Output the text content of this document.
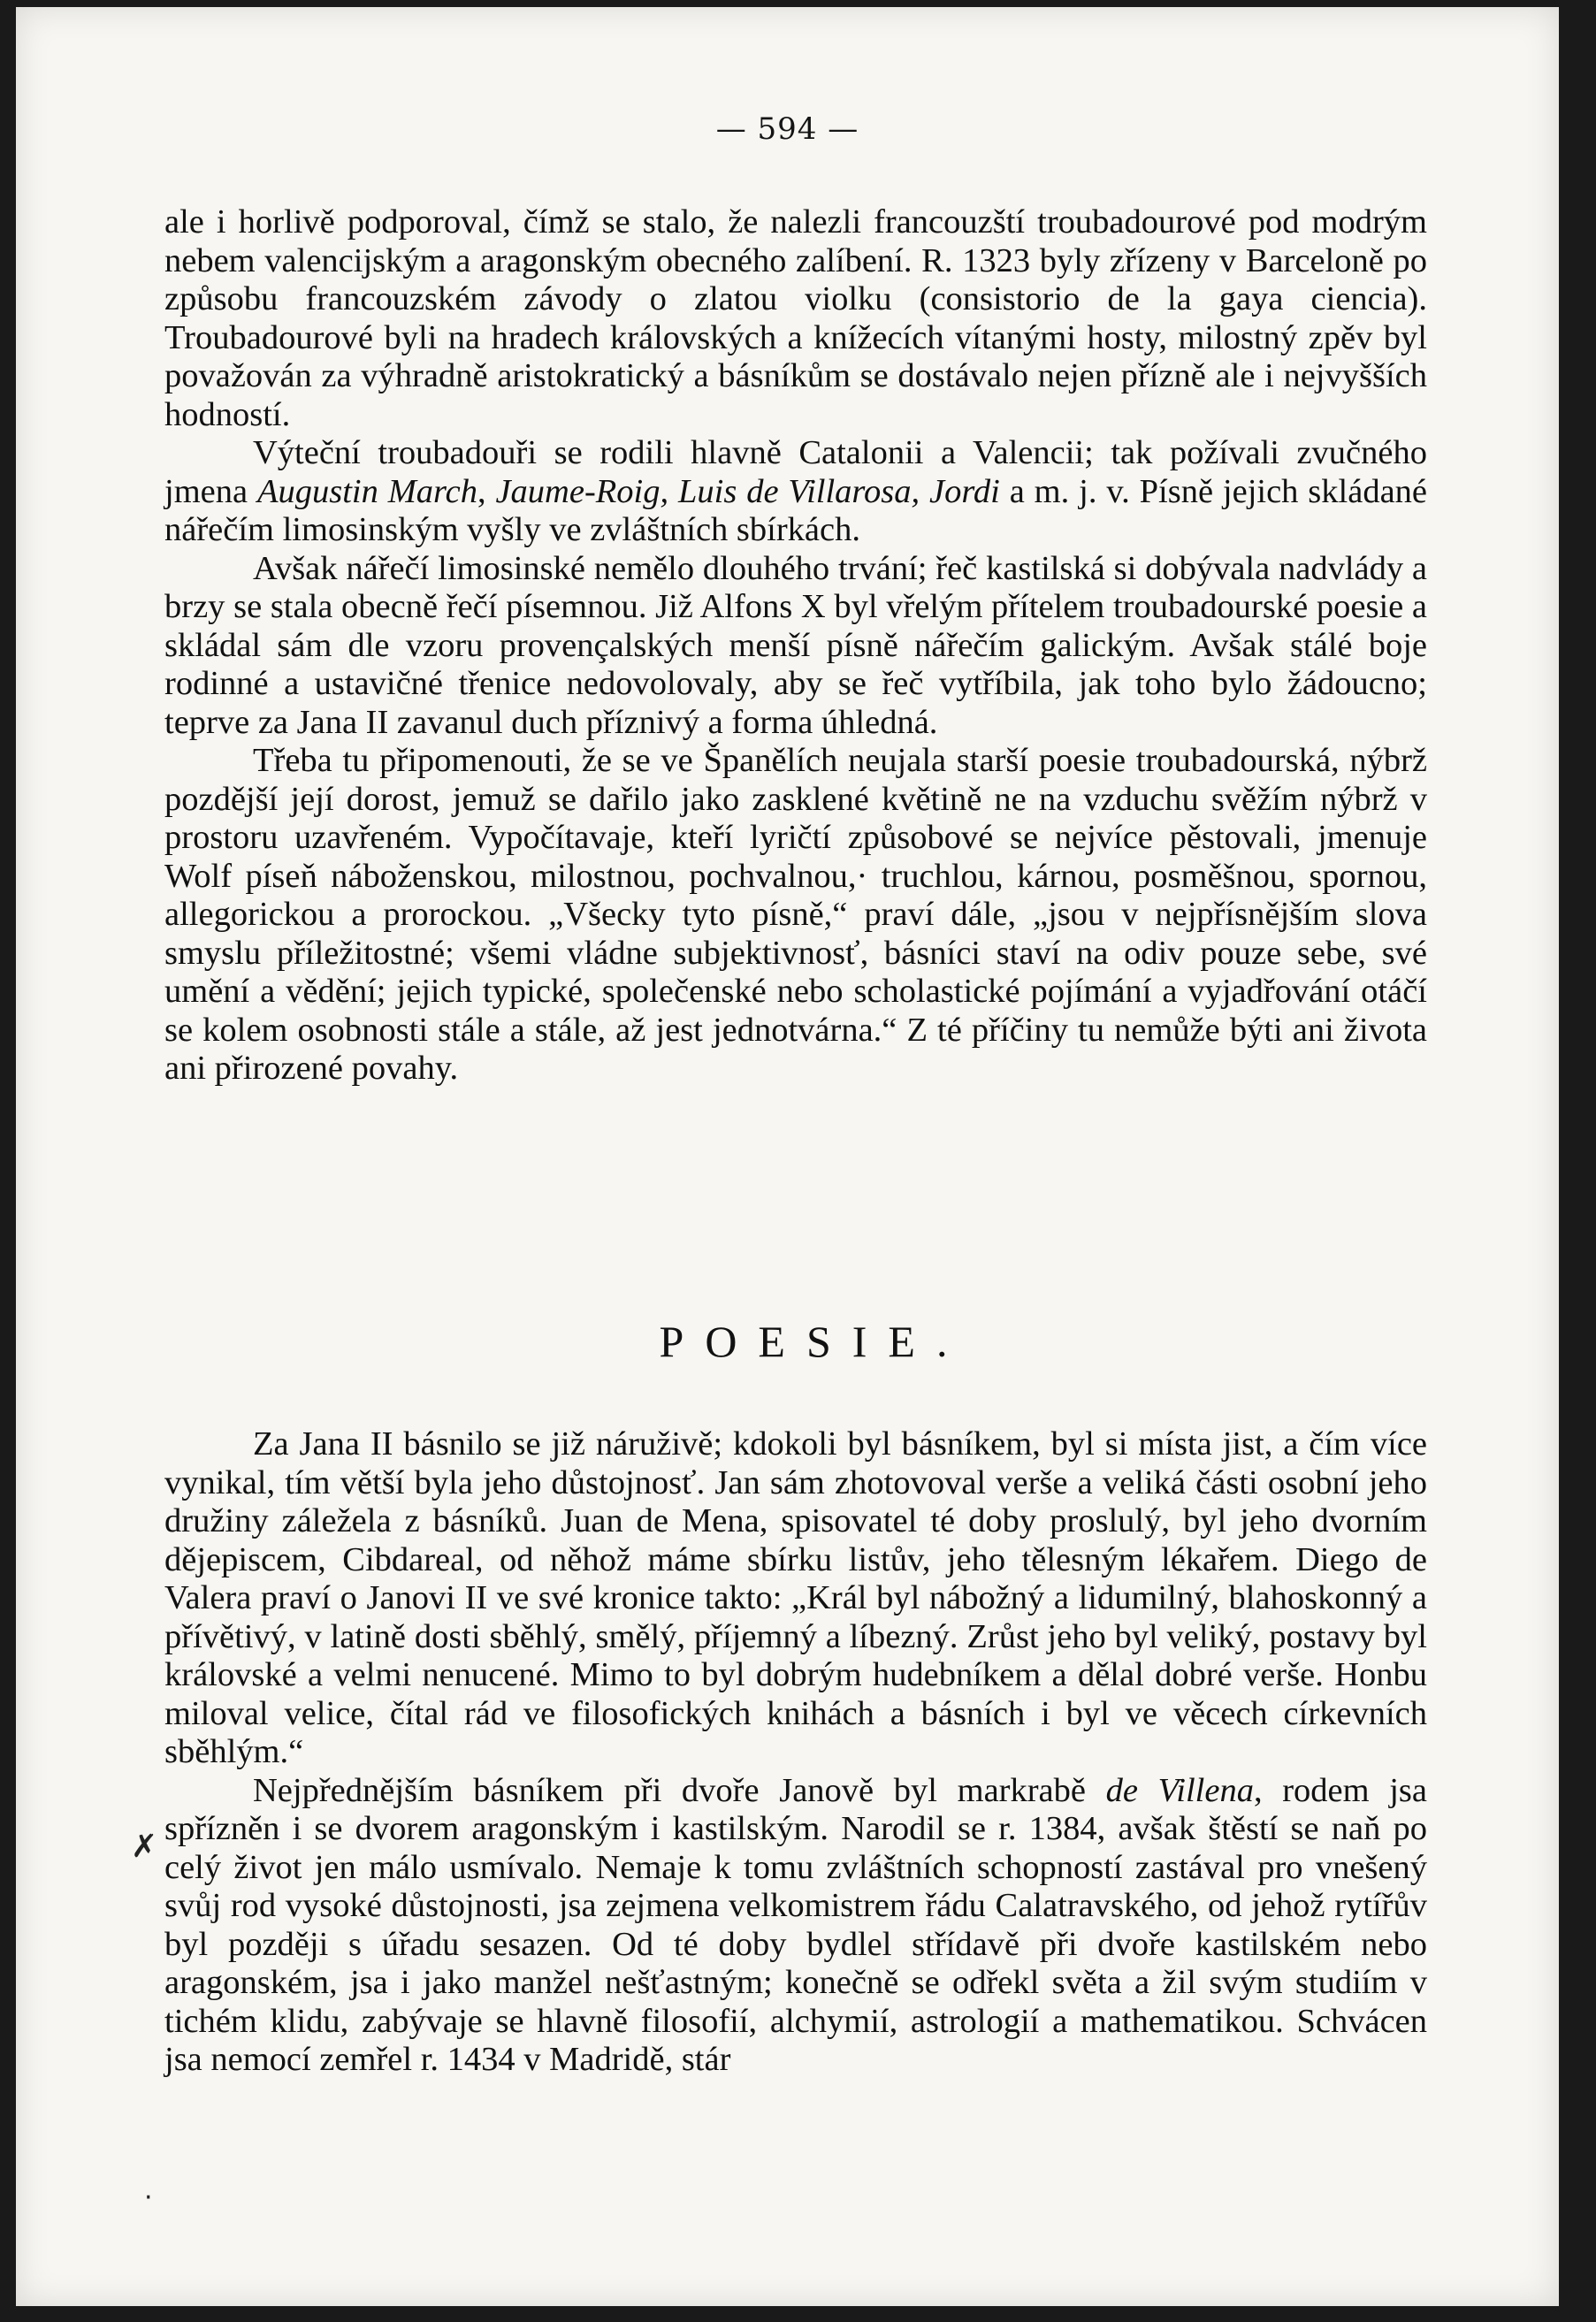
— 594 —

ale i horlivě podporoval, čímž se stalo, že nalezli francouzští troubadourové pod modrým nebem valencijským a aragonským obecného zalíbení. R. 1323 byly zřízeny v Barceloně po způsobu francouzském závody o zlatou violku (consistorio de la gaya ciencia). Troubadourové byli na hradech královských a knížecích vítanými hosty, milostný zpěv byl považován za výhradně aristokratický a básníkům se dostávalo nejen přízně ale i nejvyšších hodností.

Výteční troubadouři se rodili hlavně Catalonii a Valencii; tak požívali zvučného jmena Augustin March, Jaume-Roig, Luis de Villarosa, Jordi a m. j. v. Písně jejich skládané nářečím limosinským vyšly ve zvláštních sbírkách.

Avšak nářečí limosinské nemělo dlouhého trvání; řeč kastilská si dobývala nadvlády a brzy se stala obecně řečí písemnou. Již Alfons X byl vřelým přítelem troubadourské poesie a skládal sám dle vzoru provençalských menší písně nářečím galickým. Avšak stálé boje rodinné a ustavičné třenice nedovolovaly, aby se řeč vytříbila, jak toho bylo žádoucno; teprve za Jana II zavanul duch příznivý a forma úhledná.

Třeba tu připomenouti, že se ve Španělích neujala starší poesie troubadourská, nýbrž pozdější její dorost, jemuž se dařilo jako zasklené květině ne na vzduchu svěžím nýbrž v prostoru uzavřeném. Vypočítavaje, kteří lyričtí způsobové se nejvíce pěstovali, jmenuje Wolf píseň náboženskou, milostnou, pochvalnou,· truchlou, kárnou, posměšnou, spornou, allegorickou a prorockou. „Všecky tyto písně,“ praví dále, „jsou v nejpřísnějším slova smyslu příležitostné; všemi vládne subjektivnosť, básníci staví na odiv pouze sebe, své umění a vědění; jejich typické, společenské nebo scholastické pojímání a vyjadřování otáčí se kolem osobnosti stále a stále, až jest jednotvárna.“ Z té příčiny tu nemůže býti ani života ani přirozené povahy.

POESIE.

Za Jana II básnilo se již náruživě; kdokoli byl básníkem, byl si místa jist, a čím více vynikal, tím větší byla jeho důstojnosť. Jan sám zhotovoval verše a veliká části osobní jeho družiny záležela z básníků. Juan de Mena, spisovatel té doby proslulý, byl jeho dvorním dějepiscem, Cibdareal, od něhož máme sbírku listův, jeho tělesným lékařem. Diego de Valera praví o Janovi II ve své kronice takto: „Král byl nábožný a lidumilný, blahoskonný a přívětivý, v latině dosti sběhlý, smělý, příjemný a líbezný. Zrůst jeho byl veliký, postavy byl královské a velmi nenucené. Mimo to byl dobrým hudebníkem a dělal dobré verše. Honbu miloval velice, čítal rád ve filosofických knihách a básních i byl ve věcech církevních sběhlým.“

Nejpřednějším básníkem při dvoře Janově byl markrabě de Villena, rodem jsa spřízněn i se dvorem aragonským i kastilským. Narodil se r. 1384, avšak štěstí se naň po celý život jen málo usmívalo. Nemaje k tomu zvláštních schopností zastával pro vnešený svůj rod vysoké důstojnosti, jsa zejmena velkomistrem řádu Calatravského, od jehož rytířův byl později s úřadu sesazen. Od té doby bydlel střídavě při dvoře kastilském nebo aragonském, jsa i jako manžel nešťastným; konečně se odřekl světa a žil svým studiím v tichém klidu, zabývaje se hlavně filosofií, alchymií, astrologií a mathematikou. Schvácen jsa nemocí zemřel r. 1434 v Madridě, stár

✗
·
